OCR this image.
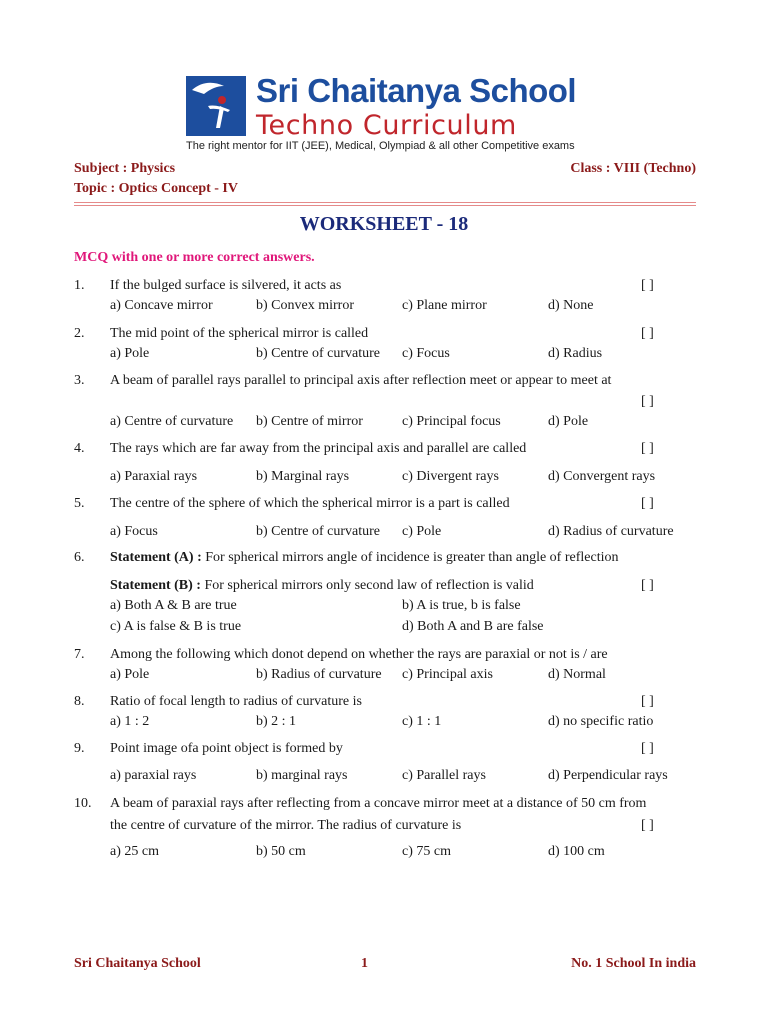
Sri Chaitanya School
Techno Curriculum
The right mentor for IIT (JEE), Medical, Olympiad & all other Competitive exams
Subject : Physics	Class : VIII (Techno)
Topic : Optics Concept - IV
WORKSHEET - 18
MCQ with one or more correct answers.
1. If the bulged surface is silvered, it acts as	[ ]
a) Concave mirror	b) Convex mirror	c) Plane mirror	d) None
2. The mid point of the spherical mirror is called	[ ]
a) Pole	b) Centre of curvature c) Focus	d) Radius
3. A beam of parallel rays parallel to principal axis after reflection meet or appear to meet at
[ ]
a) Centre of curvature b) Centre of mirror	c) Principal focus	d) Pole
4. The rays which are far away from the principal axis and parallel are called	[ ]
a) Paraxial rays	b) Marginal rays	c) Divergent rays	d) Convergent rays
5. The centre of the sphere of which the spherical mirror is a part is called	[ ]
a) Focus	b) Centre of curvature c) Pole	d) Radius of curvature
6. Statement (A) : For spherical mirrors angle of incidence is greater than angle of reflection
Statement (B) : For spherical mirrors only second law of reflection is valid	[ ]
a) Both A & B are true	b) A is true, b is false
c) A is false & B is true	d) Both A and B are false
7. Among the following which donot depend on whether the rays are paraxial or not is / are
a) Pole	b) Radius of curvature c) Principal axis	d) Normal
8. Ratio of focal length to radius of curvature is	[ ]
a) 1 : 2	b) 2 : 1	c) 1 : 1	d) no specific ratio
9. Point image ofa point object is formed by	[ ]
a) paraxial rays	b) marginal rays	c) Parallel rays	d) Perpendicular rays
10. A beam of paraxial rays after reflecting from a concave mirror meet at a distance of 50 cm from
the centre of curvature of the mirror. The radius of curvature is	[ ]
a) 25 cm	b) 50 cm	c) 75 cm	d) 100 cm
Sri Chaitanya School	1	No. 1 School In india
